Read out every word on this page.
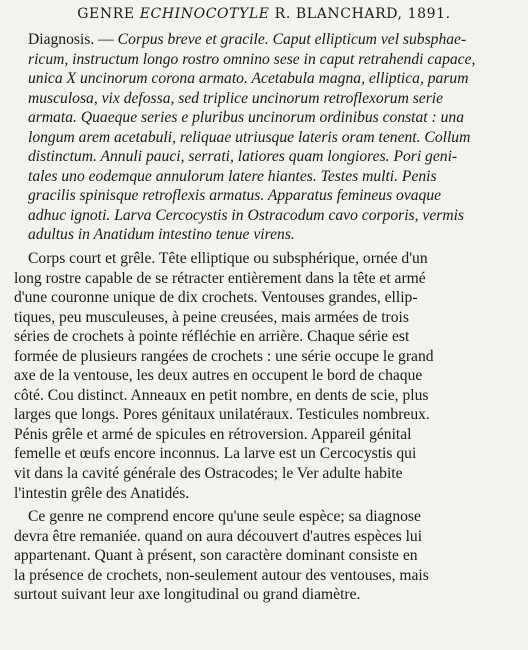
GENRE ECHINOCOTYLE R. BLANCHARD, 1891.
Diagnosis. — Corpus breve et gracile. Caput ellipticum vel subsphae-
ricum, instructum longo rostro omnino sese in caput retrahendi capace,
unica X uncinorum corona armato. Acetabula magna, elliptica, parum
musculosa, vix defossa, sed triplice uncinorum retroflexorum serie
armata. Quaeque series e pluribus uncinorum ordinibus constat : una
longum arem acetabuli, reliquae utriusque lateris oram tenent. Collum
distinctum. Annuli pauci, serrati, latiores quam longiores. Pori geni-
tales uno eodemque annulorum latere hiantes. Testes multi. Penis
gracilis spinisque retroflexis armatus. Apparatus femineus ovaque
adhuc ignoti. Larva Cercocystis in Ostracodum cavo corporis, vermis
adultus in Anatidum intestino tenue virens.
Corps court et grêle. Tête elliptique ou subsphérique, ornée d'un
long rostre capable de se rétracter entièrement dans la tête et armé
d'une couronne unique de dix crochets. Ventouses grandes, ellip-
tiques, peu musculeuses, à peine creusées, mais armées de trois
séries de crochets à pointe réfléchie en arrière. Chaque série est
formée de plusieurs rangées de crochets : une série occupe le grand
axe de la ventouse, les deux autres en occupent le bord de chaque
côté. Cou distinct. Anneaux en petit nombre, en dents de scie, plus
larges que longs. Pores génitaux unilatéraux. Testicules nombreux.
Pénis grêle et armé de spicules en rétroversion. Appareil génital
femelle et œufs encore inconnus. La larve est un Cercocystis qui
vit dans la cavité générale des Ostracodes; le Ver adulte habite
l'intestin grêle des Anatidés.
Ce genre ne comprend encore qu'une seule espèce; sa diagnose
devra être remaniée. quand on aura découvert d'autres espèces lui
appartenant. Quant à présent, son caractère dominant consiste en
la présence de crochets, non-seulement autour des ventouses, mais
surtout suivant leur axe longitudinal ou grand diamètre.
